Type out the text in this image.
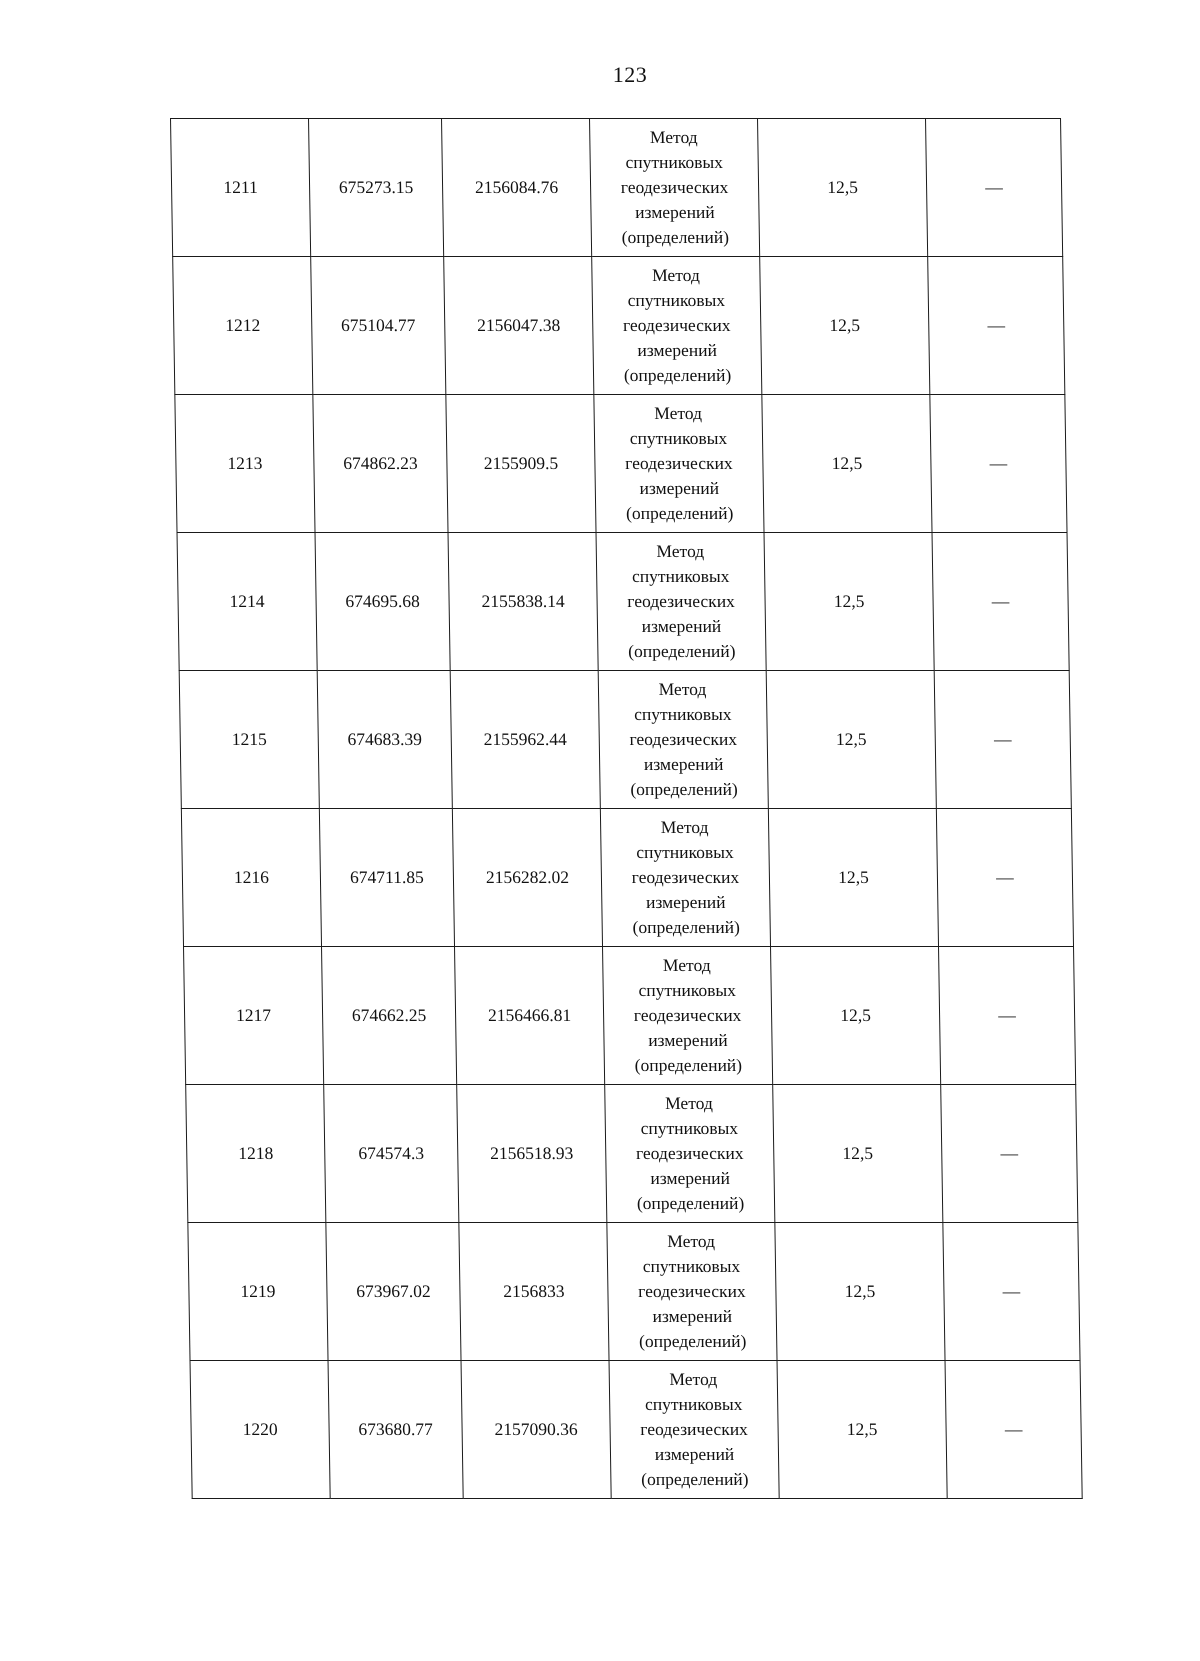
123
1211	675273.15	2156084.76	Метод
спутниковых
геодезических
измерений
(определений)	12,5	—
1212	675104.77	2156047.38	Метод
спутниковых
геодезических
измерений
(определений)	12,5	—
1213	674862.23	2155909.5	Метод
спутниковых
геодезических
измерений
(определений)	12,5	—
1214	674695.68	2155838.14	Метод
спутниковых
геодезических
измерений
(определений)	12,5	—
1215	674683.39	2155962.44	Метод
спутниковых
геодезических
измерений
(определений)	12,5	—
1216	674711.85	2156282.02	Метод
спутниковых
геодезических
измерений
(определений)	12,5	—
1217	674662.25	2156466.81	Метод
спутниковых
геодезических
измерений
(определений)	12,5	—
1218	674574.3	2156518.93	Метод
спутниковых
геодезических
измерений
(определений)	12,5	—
1219	673967.02	2156833	Метод
спутниковых
геодезических
измерений
(определений)	12,5	—
1220	673680.77	2157090.36	Метод
спутниковых
геодезических
измерений
(определений)	12,5	—
